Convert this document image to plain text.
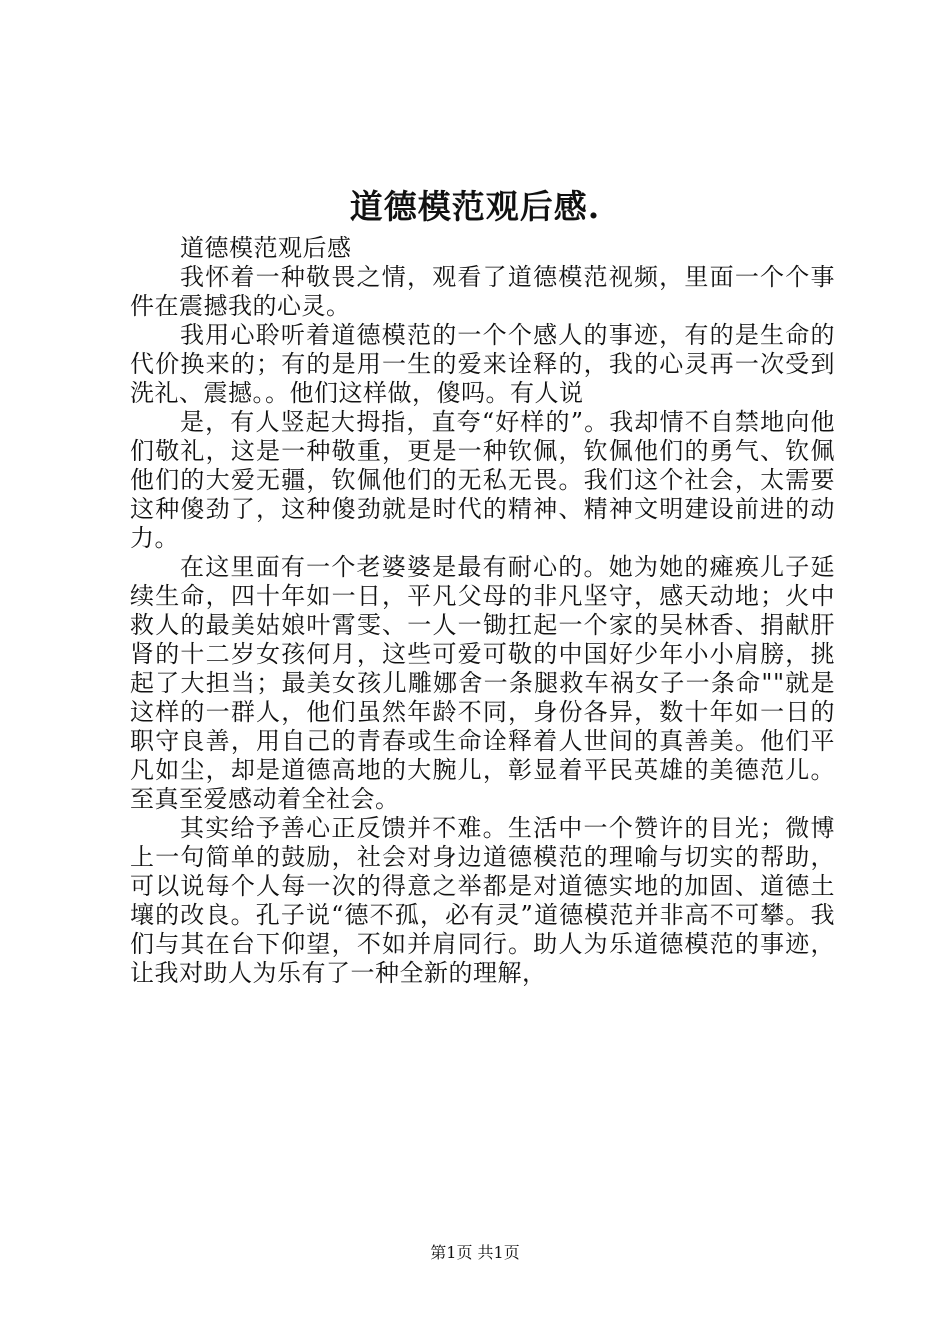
道德模范观后感.

道德模范观后感

我怀着一种敬畏之情，观看了道德模范视频，里面一个个事件在震撼我的心灵。

我用心聆听着道德模范的一个个感人的事迹，有的是生命的代价换来的；有的是用一生的爱来诠释的，我的心灵再一次受到洗礼、震撼。。他们这样做，傻吗。有人说

是，有人竖起大拇指，直夸“好样的”。我却情不自禁地向他们敬礼，这是一种敬重，更是一种钦佩，钦佩他们的勇气、钦佩他们的大爱无疆，钦佩他们的无私无畏。我们这个社会，太需要这种傻劲了，这种傻劲就是时代的精神、精神文明建设前进的动力。

在这里面有一个老婆婆是最有耐心的。她为她的瘫痪儿子延续生命，四十年如一日，平凡父母的非凡坚守，感天动地；火中救人的最美姑娘叶霄雯、一人一锄扛起一个家的吴林香、捐献肝肾的十二岁女孩何月，这些可爱可敬的中国好少年小小肩膀，挑起了大担当；最美女孩儿雕娜舍一条腿救车祸女子一条命""就是这样的一群人，他们虽然年龄不同，身份各异，数十年如一日的职守良善，用自己的青春或生命诠释着人世间的真善美。他们平凡如尘，却是道德高地的大腕儿，彰显着平民英雄的美德范儿。至真至爱感动着全社会。

其实给予善心正反馈并不难。生活中一个赞许的目光；微博上一句简单的鼓励，社会对身边道德模范的理喻与切实的帮助，可以说每个人每一次的得意之举都是对道德实地的加固、道德土壤的改良。孔子说“德不孤，必有灵”道德模范并非高不可攀。我们与其在台下仰望，不如并肩同行。助人为乐道德模范的事迹，让我对助人为乐有了一种全新的理解，

第1页 共1页
